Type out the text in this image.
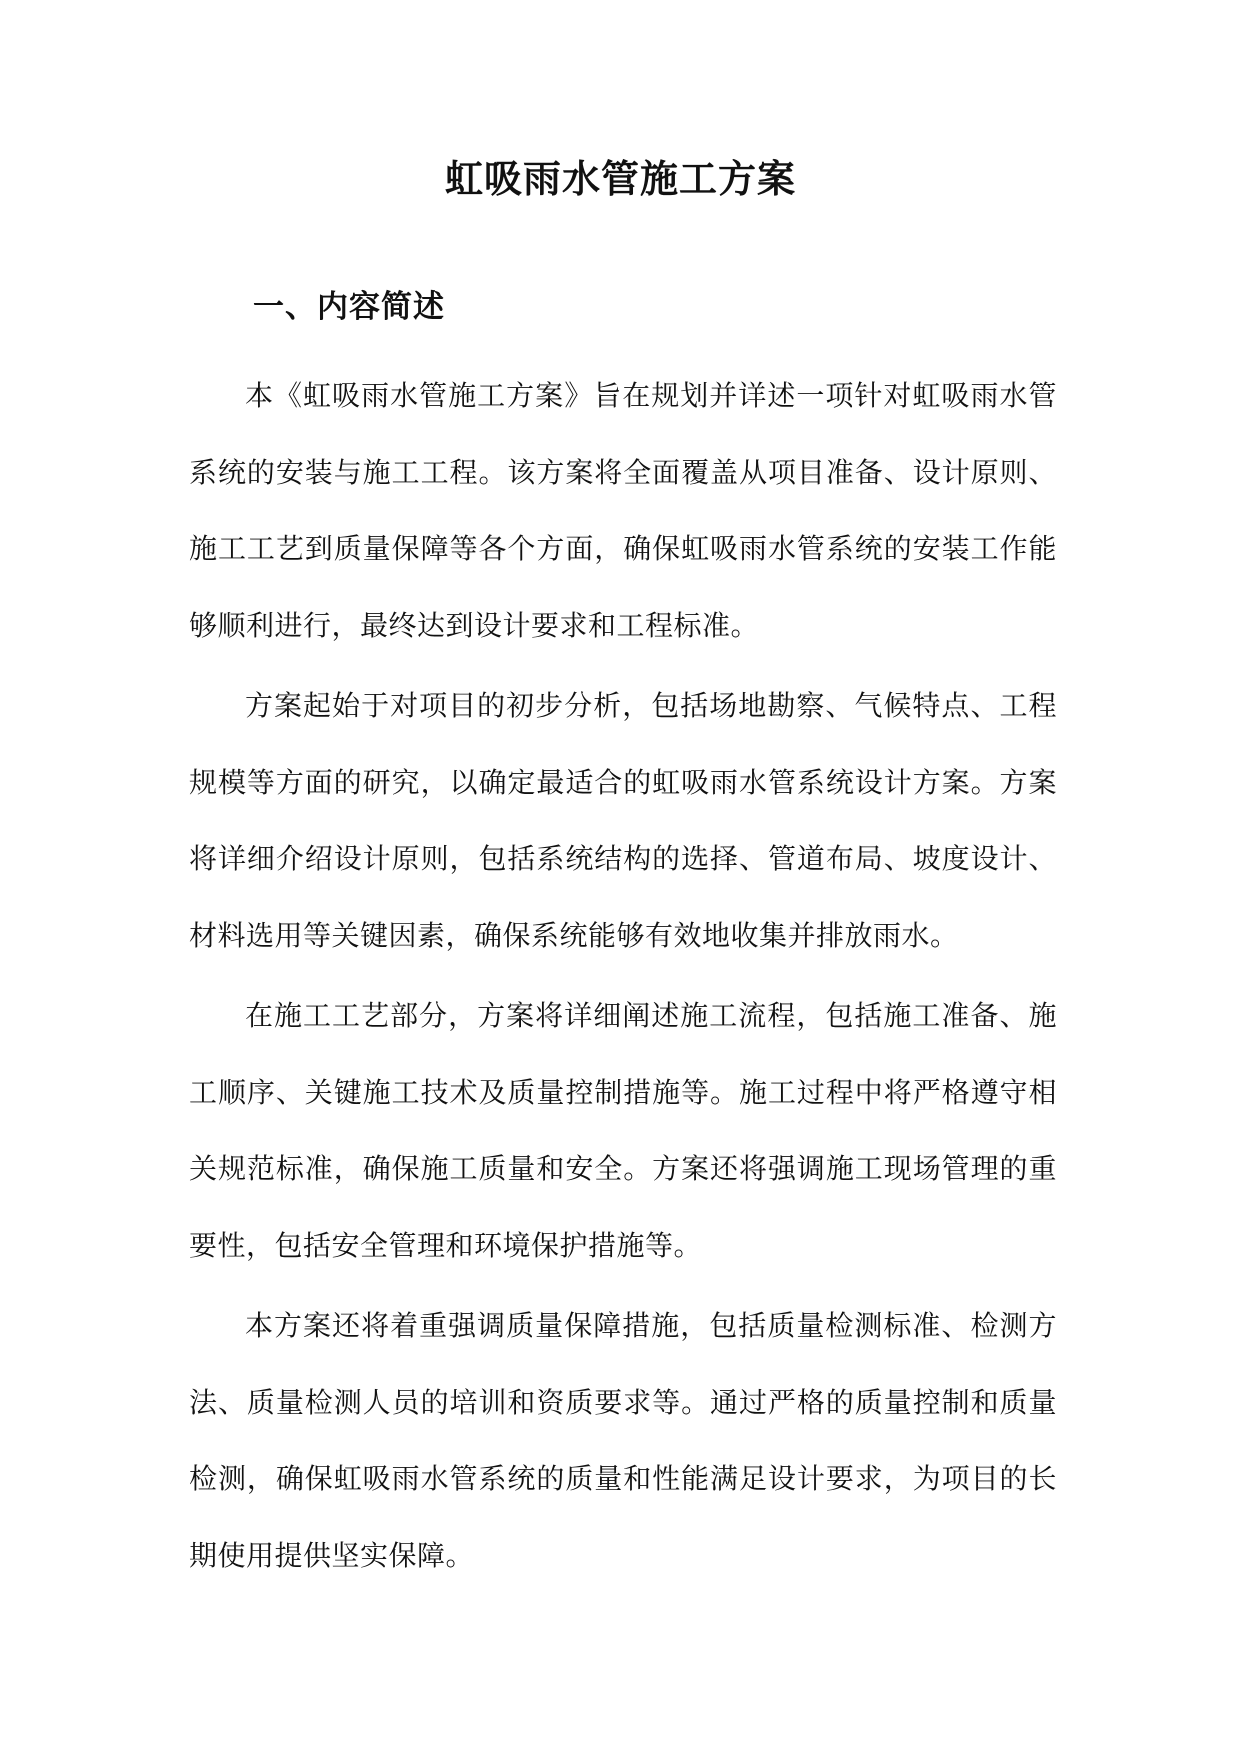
虹吸雨水管施工方案
一、内容简述

本《虹吸雨水管施工方案》旨在规划并详述一项针对虹吸雨水管系统的安装与施工工程。该方案将全面覆盖从项目准备、设计原则、施工工艺到质量保障等各个方面，确保虹吸雨水管系统的安装工作能够顺利进行，最终达到设计要求和工程标准。

方案起始于对项目的初步分析，包括场地勘察、气候特点、工程规模等方面的研究，以确定最适合的虹吸雨水管系统设计方案。方案将详细介绍设计原则，包括系统结构的选择、管道布局、坡度设计、材料选用等关键因素，确保系统能够有效地收集并排放雨水。

在施工工艺部分，方案将详细阐述施工流程，包括施工准备、施工顺序、关键施工技术及质量控制措施等。施工过程中将严格遵守相关规范标准，确保施工质量和安全。方案还将强调施工现场管理的重要性，包括安全管理和环境保护措施等。

本方案还将着重强调质量保障措施，包括质量检测标准、检测方法、质量检测人员的培训和资质要求等。通过严格的质量控制和质量检测，确保虹吸雨水管系统的质量和性能满足设计要求，为项目的长期使用提供坚实保障。
